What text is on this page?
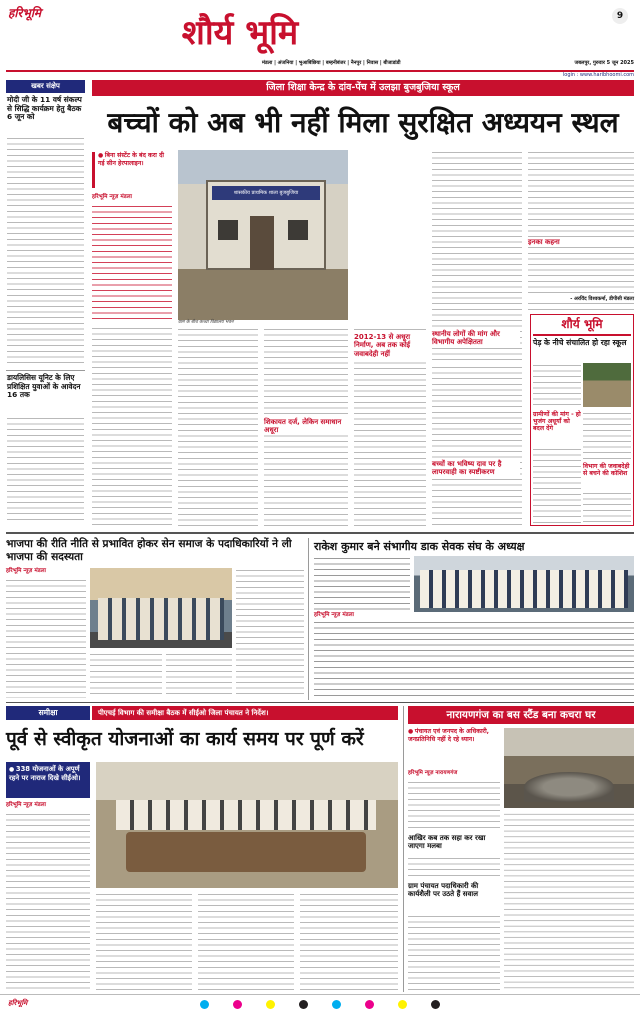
हरिभूमि	शौर्य भूमि	9
मंडला | अंजनिया | भुआबिछिया | बम्हनीबंजर | नैनपुर | निवास | बीजाडांडी	जबलपुर, गुरुवार 5 जून 2025
login : www.haribhoomi.com
खबर संक्षेप
मोदी जी के 11 वर्ष संकल्प से सिद्धि कार्यक्रम हेतु बैठक 6 जून को
डायलिसिस यूनिट के लिए प्रशिक्षित युवाओं के आवेदन 16 तक
जिला शिक्षा केन्द्र के दांव-पेंच में उलझा बुजबुजिया स्कूल
बच्चों को अब भी नहीं मिला सुरक्षित अध्ययन स्थल
● बिना संस्टेंट के बंद करा दी गई सीन हेरपालाइन।
हरिभूमि न्यूज़ मंडला
शासकीय प्राथमिक शाला बुजबुजिया
ग्राम के बीच कच्चा विद्यालय भवन
शिकायत दर्ज, लेकिन समाधान अधूरा
2012-13 से अधूरा निर्माण, अब तक कोई जवाबदेही नहीं
स्थानीय लोगों की मांग और विभागीय अपेक्षितता
बच्चों का भविष्य दाव पर है लापरवाही का स्पष्टीकरण
इनका कहना
- अरविंद विश्वकर्मा, डीपीसी मंडला
शौर्य भूमि
पेड़ के नीचे संचालित हो रहा स्कूल
ग्रामीणों की मांग - हो भुजंग अधूर्यां को बदल देंगे
विभाग की जवाबदेही से बचने की कोशिश
भाजपा की रीति नीति से प्रभावित होकर सेन समाज के पदाधिकारियों ने ली भाजपा की सदस्यता
हरिभूमि न्यूज़ मंडला
राकेश कुमार बने संभागीय डाक सेवक संघ के अध्यक्ष
हरिभूमि न्यूज़ मंडला
समीक्षा	पीएचई विभाग की समीक्षा बैठक में सीईओ जिला पंचायत ने निर्देश।
पूर्व से स्वीकृत योजनाओं का कार्य समय पर पूर्ण करें
● 338 योजनाओं के अपूर्ण रहने पर नाराज दिखे सीईओ।
हरिभूमि न्यूज़ मंडला
नारायणगंज का बस स्टैंड बना कचरा घर
● पंचायत एवं जनपद के अधिकारी, जनप्रतिनिधि नहीं दे रहे ध्यान।
हरिभूमि न्यूज़ नारायणगंज
आखिर कब तक सहा कर रखा जाएगा मलबा
ग्राम पंचायत पदाधिकारी की कार्यशैली पर उठते हैं सवाल
हरिभूमि
